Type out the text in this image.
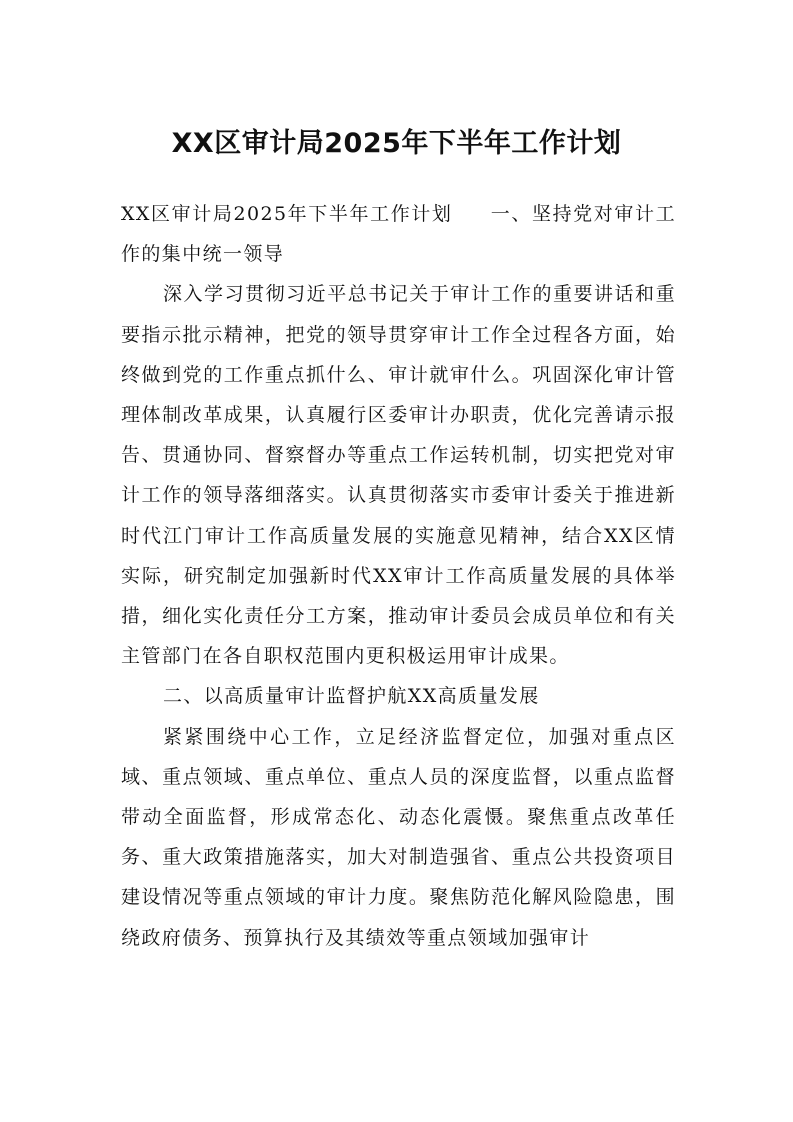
XX区审计局2025年下半年工作计划

XX区审计局2025年下半年工作计划 一、坚持党对审计工作的集中统一领导

深入学习贯彻习近平总书记关于审计工作的重要讲话和重要指示批示精神，把党的领导贯穿审计工作全过程各方面，始终做到党的工作重点抓什么、审计就审什么。巩固深化审计管理体制改革成果，认真履行区委审计办职责，优化完善请示报告、贯通协同、督察督办等重点工作运转机制，切实把党对审计工作的领导落细落实。认真贯彻落实市委审计委关于推进新时代江门审计工作高质量发展的实施意见精神，结合XX区情实际，研究制定加强新时代XX审计工作高质量发展的具体举措，细化实化责任分工方案，推动审计委员会成员单位和有关主管部门在各自职权范围内更积极运用审计成果。

二、以高质量审计监督护航XX高质量发展

紧紧围绕中心工作，立足经济监督定位，加强对重点区域、重点领域、重点单位、重点人员的深度监督，以重点监督带动全面监督，形成常态化、动态化震慑。聚焦重点改革任务、重大政策措施落实，加大对制造强省、重点公共投资项目建设情况等重点领域的审计力度。聚焦防范化解风险隐患，围绕政府债务、预算执行及其绩效等重点领域加强审计
